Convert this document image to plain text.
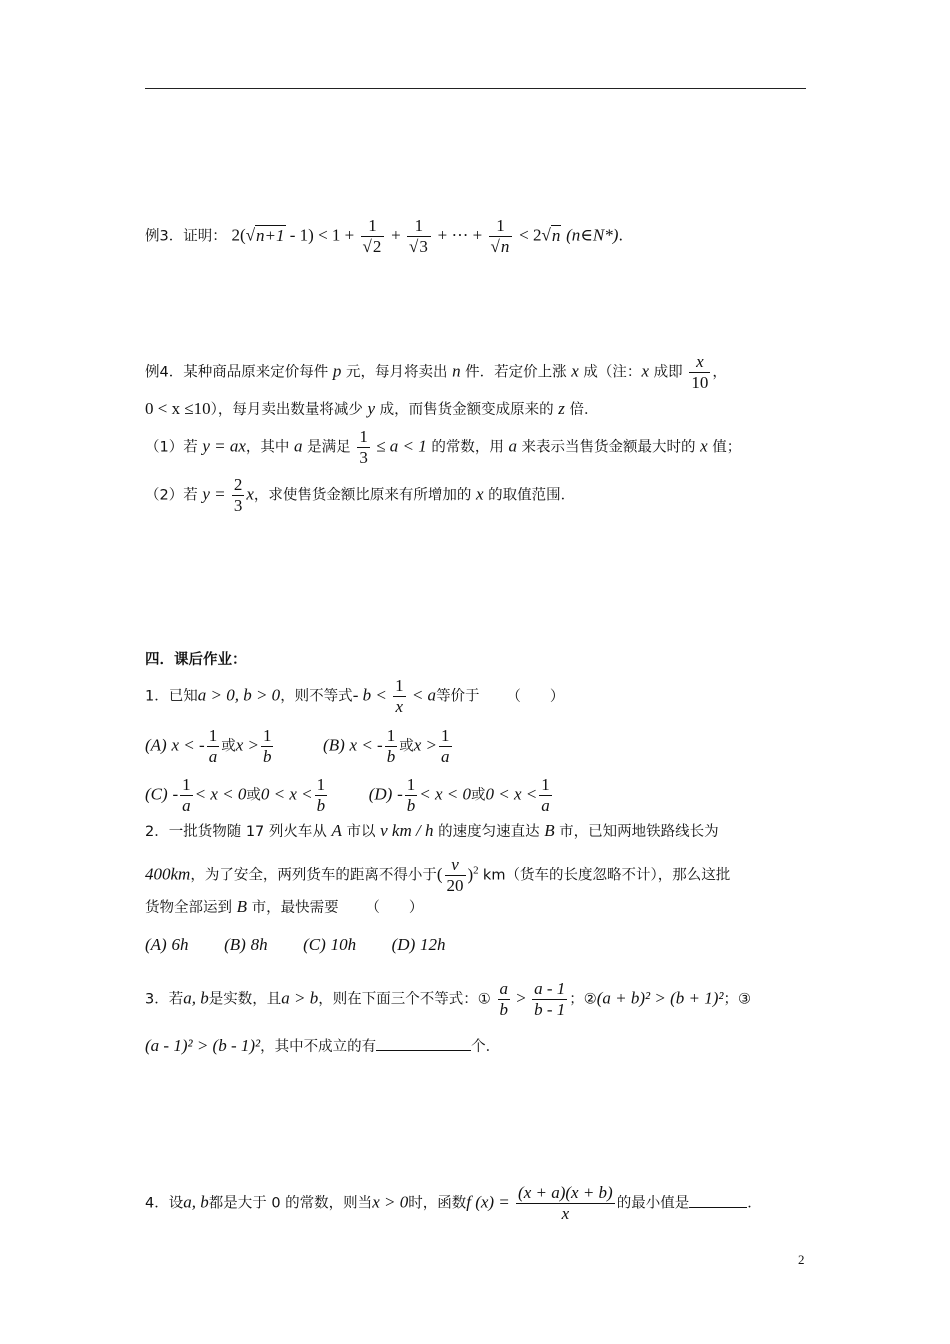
例3．证明： $2(√n+1 - 1) < 1 + \frac{1}{√2} + \frac{1}{√3}$ + ··· + $\frac{1}{√n} < 2√n$ (n∈N*).
例4．某种商品原来定价每件 p 元，每月将卖出 n 件．若定价上涨 x 成（注：x 成即 $\frac{x}{10}$ ，
0 < x ≤10），每月卖出数量将减少 y 成，而售货金额变成原来的 z 倍．
（1）若 y = ax，其中 a 是满足 $\frac{1}{3} \le a < 1$ 的常数，用 a 来表示当售货金额最大时的 x 值；
（2）若 $y = \frac{2}{3}$ x，求使售货金额比原来有所增加的 x 的取值范围．
四．课后作业：
1．已知a > 0, b > 0，则不等式- $b < \frac{1}{x} < a$等价于 （　　）
(A) x < - $\frac{1}{a}$ 或$x > \frac{1}{b}$	(B) x < - $\frac{1}{b}$ 或$x > \frac{1}{a}$
$(C) - \frac{1}{a} < x < 0$或$0 < x < \frac{1}{b} (D) - \frac{1}{b} < x < 0$或$0 < x < \frac{1}{a}$
2．一批货物随 17 列火车从 A 市以 v km / h 的速度匀速直达 B 市，已知两地铁路线长为
400km，为了安全，两列货车的距离不得小于( $\frac{v}{20} )^2$ km（货车的长度忽略不计），那么这批
货物全部运到 B 市，最快需要 （　　）
(A) 6h (B) 8h (C) 10h (D) 12h
3．若a, b是实数，且a > b，则在下面三个不等式：① $\frac{a}{b} > \frac{a - 1}{b - 1}$ ；②(a + b)² > (b + 1)²；③
(a - 1)² > (b - 1)²，其中不成立的有	个．
4．设a, b都是大于 0 的常数，则当x > 0时，函数f $(x) = \frac{(x + a)(x + b)}{x}$ 的最小值是	．
2
